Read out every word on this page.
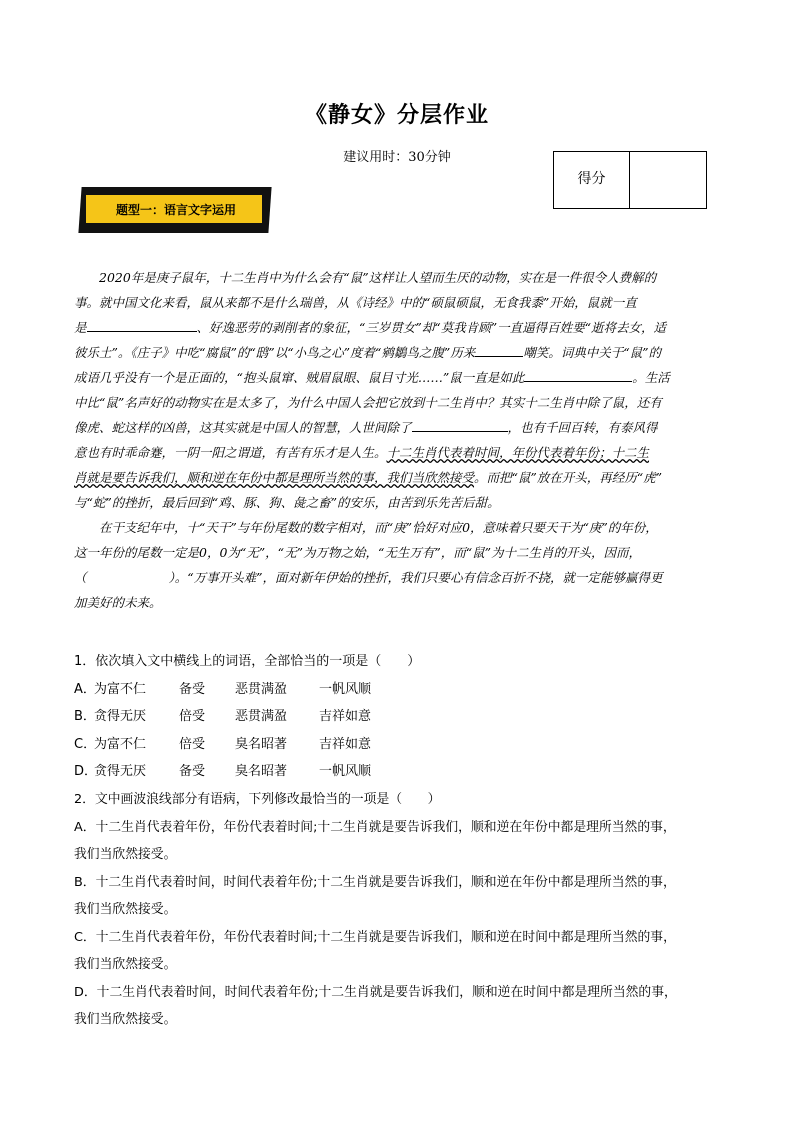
《静女》分层作业
建议用时：30分钟
得分
题型一：语言文字运用
2020年是庚子鼠年，十二生肖中为什么会有“鼠”这样让人望而生厌的动物，实在是一件很令人费解的
事。就中国文化来看，鼠从来都不是什么瑞兽，从《诗经》中的“硕鼠硕鼠，无食我黍”开始，鼠就一直
是	、好逸恶劳的剥削者的象征，“三岁贯女”却“莫我肯顾”一直逼得百姓要“逝将去女，适
彼乐土”。《庄子》中吃“腐鼠”的“鸱”以“小鸟之心”度着“鹓鶵鸟之腹”历来	嘲笑。词典中关于“鼠”的
成语几乎没有一个是正面的，“抱头鼠窜、贼眉鼠眼、鼠目寸光……”鼠一直是如此	。生活
中比“鼠”名声好的动物实在是太多了，为什么中国人会把它放到十二生肖中？其实十二生肖中除了鼠，还有
像虎、蛇这样的凶兽，这其实就是中国人的智慧，人世间除了	，也有千回百转，有泰风得
意也有时乖命蹇，一阴一阳之谓道，有苦有乐才是人生。十二生肖代表着时间，年份代表着年份；十二生
肖就是要告诉我们，顺和逆在年份中都是理所当然的事，我们当欣然接受。而把“鼠”放在开头，再经历“虎”
与“蛇”的挫折，最后回到“鸡、豚、狗、彘之畜”的安乐，由苦到乐先苦后甜。
在干支纪年中，十“天干”与年份尾数的数字相对，而“庚”恰好对应0，意味着只要天干为“庚”的年份，
这一年份的尾数一定是0，0为“无”，“无”为万物之始，“无生万有”，而“鼠”为十二生肖的开头，因而，
（	）。“万事开头难”，面对新年伊始的挫折，我们只要心有信念百折不挠，就一定能够赢得更
加美好的未来。
1．依次填入文中横线上的词语，全部恰当的一项是（　　）
A．为富不仁	备受 恶贯满盈 一帆风顺
B．贪得无厌	倍受 恶贯满盈 吉祥如意
C．为富不仁	倍受 臭名昭著 吉祥如意
D．贪得无厌	备受 臭名昭著 一帆风顺
2．文中画波浪线部分有语病，下列修改最恰当的一项是（　　）
A．十二生肖代表着年份，年份代表着时间;十二生肖就是要告诉我们，顺和逆在年份中都是理所当然的事，
我们当欣然接受。
B．十二生肖代表着时间，时间代表着年份;十二生肖就是要告诉我们，顺和逆在年份中都是理所当然的事，
我们当欣然接受。
C．十二生肖代表着年份，年份代表着时间;十二生肖就是要告诉我们，顺和逆在时间中都是理所当然的事，
我们当欣然接受。
D．十二生肖代表着时间，时间代表着年份;十二生肖就是要告诉我们，顺和逆在时间中都是理所当然的事，
我们当欣然接受。
